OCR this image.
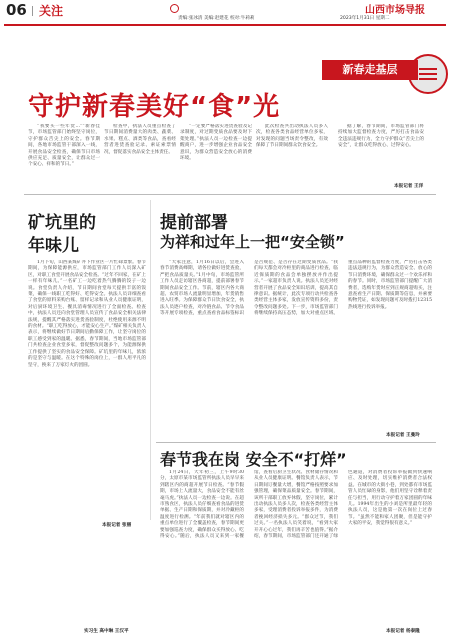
06 关注	山西市场导报
责编:张冰清 美编:赵建花 校对:牛莉莉	2023年1月31日 星期二
新春走基层
守护新春美好“食”光

“我要买一些年货…”“新春佳节，市场监管部门始终坚守岗位，守护群众舌尖上的安全。春节期间，各地市场监管干部深入一线，开展食品安全检查，确保节日市场供应充足、质量安全，让群众过一个安心、祥和的节日。”

检查中，执法人员重点检查了节日期间消费量大的肉类、蔬菜、水果、糕点、酒类等食品，查看经营者进货查验记录、索证索票情况，督促落实食品安全主体责任。

“一定要严格落实进货查验及记录制度，对过期变质食品要及时下架处理。”执法人员一边检查一边提醒商户，进一步增强企业食品安全意识，为群众营造安全放心的消费环境。

此次检查共出动执法人员多人次，检查各类食品经营单位多家，对发现的问题当场责令整改，有效保障了节日期间群众饮食安全。

据了解，春节期间，市场监管部门将持续加大监督检查力度，严厉打击食品安全违法违规行为，全力守护群众“舌尖上的安全”，让群众吃得放心、过得安心。

本报记者 王洋
矿坑里的
年味儿

1月下旬，山西某煤矿井下作业区一片忙碌景象。春节期间，为保障能源供应，市场监管部门工作人员深入矿区，对职工食堂开展食品安全检查。“过年不回家，在矿上一样有年味儿。”一名矿工一边吃着热气腾腾的饺子一边说。食堂负责人介绍，节日期间食堂每天提供丰富的饭菜，确保一线职工吃得好、吃得安全。执法人员详细查看了食堂的原料采购台账、留样记录和从业人员健康证明，对后厨环境卫生、餐具消毒情况进行了全面检查。检查中，执法人员还向食堂管理人员宣传了食品安全相关法律法规，提醒其严格落实进货查验制度，杜绝使用来源不明的食材。“职工吃得放心，才能安心生产。”煤矿相关负责人表示，将继续做好节日期间后勤保障工作，让坚守岗位的职工感受到家的温暖。据悉，春节期间，当地市场监管部门共检查企业食堂多家，督促整改问题多个，为能源保供工作提供了坚实的食品安全保障。矿坑里的年味儿，浓浓的是坚守与温暖。在这个特殊的岗位上，一群人用平凡的坚守，换来了万家灯火的团圆。

本报记者 张丽
提前部署
为祥和过年上一把“安全锁”

“大家注意，1月16日以后，会进入春节消费高峰期，请各位做好进货查验，严把食品质量关。”1月中旬，市场监管所工作人员走访辖区各商超，提前部署春节期间食品安全工作。节前，辖区内各大商超、农贸市场人流量明显增加，年货销售进入旺季。为保障群众节日饮食安全，执法人员逐户检查，对冷链食品、节令食品等开展专项检查，重点查看食品标签标识是否规范、是否存在过期变质食品。“我们每天都会对冷柜里的商品进行检查，临近保质期的食品会单独摆放并作出提示。”一家超市负责人说。执法人员还对经营者开展了食品安全知识培训，提高其自律意识。据统计，此次专项行动共检查各类经营主体多家，发放宣传资料多份，责令整改问题多处。下一步，市场监管部门将继续保持高压态势，加大对重点区域、重点品种的监督检查力度，严厉打击各类违法违规行为，为群众营造安全、放心的节日消费环境，确保群众过一个欢乐祥和的春节。同时，市场监管部门提醒广大消费者，选购年货时应到正规商超购买，注意查看生产日期、保质期等信息，并索要购物凭证，如发现问题可及时拨打12315热线进行投诉举报。

本报记者 王曼玲
春节我在岗 安全不“打烊”

1月24日，大年初三，上午9时30分，太原市某市场监管所执法人员早早来到辖区内的商超开展节日检查。“春节假期，市场上人流量大，食品安全不能有丝毫马虎。”执法人员一边检查一边说。在超市熟食区，执法人员仔细查看食品的进货单据、生产日期和保质期，并对冷藏柜的温度进行检测。“年前我们就对辖区内的重点单位进行了全覆盖检查，春节期间更要加强巡查力度，确保群众买得放心、吃得安心。”随后，执法人员又来到一家餐馆，查看后厨卫生状况、食材储存情况和从业人员健康证明。餐馆负责人表示，节日期间订餐量大增，餐馆严格按照要求加强管理，确保菜品质量安全。春节期间，该所干部职工放弃休假，坚守岗位，累计出动执法人员多人次，检查各类经营主体多家，受理消费者投诉举报多件，为消费者挽回经济损失多元。“群众过节，我们过关。”一名执法人员笑着说，“看到大家开开心心过年，我们再辛苦也值得。”据介绍，春节期间，市场监管部门还开通了绿色通道，对消费者投诉举报做到快速响应、及时处理，切实维护消费者合法权益。在城市的大街小巷，到处都有市场监管人员忙碌的身影，他们用坚守诠释着责任与担当，用行动守护着万家团圆的年味儿。1994年出生的小刘是所里最年轻的执法人员，这是他第一次在岗位上过春节。“虽然不能和家人团聚，但是能守护大家的平安，我觉得很有意义。”

本报记者 杨泰隆
实习生 高中琳 王汉平
